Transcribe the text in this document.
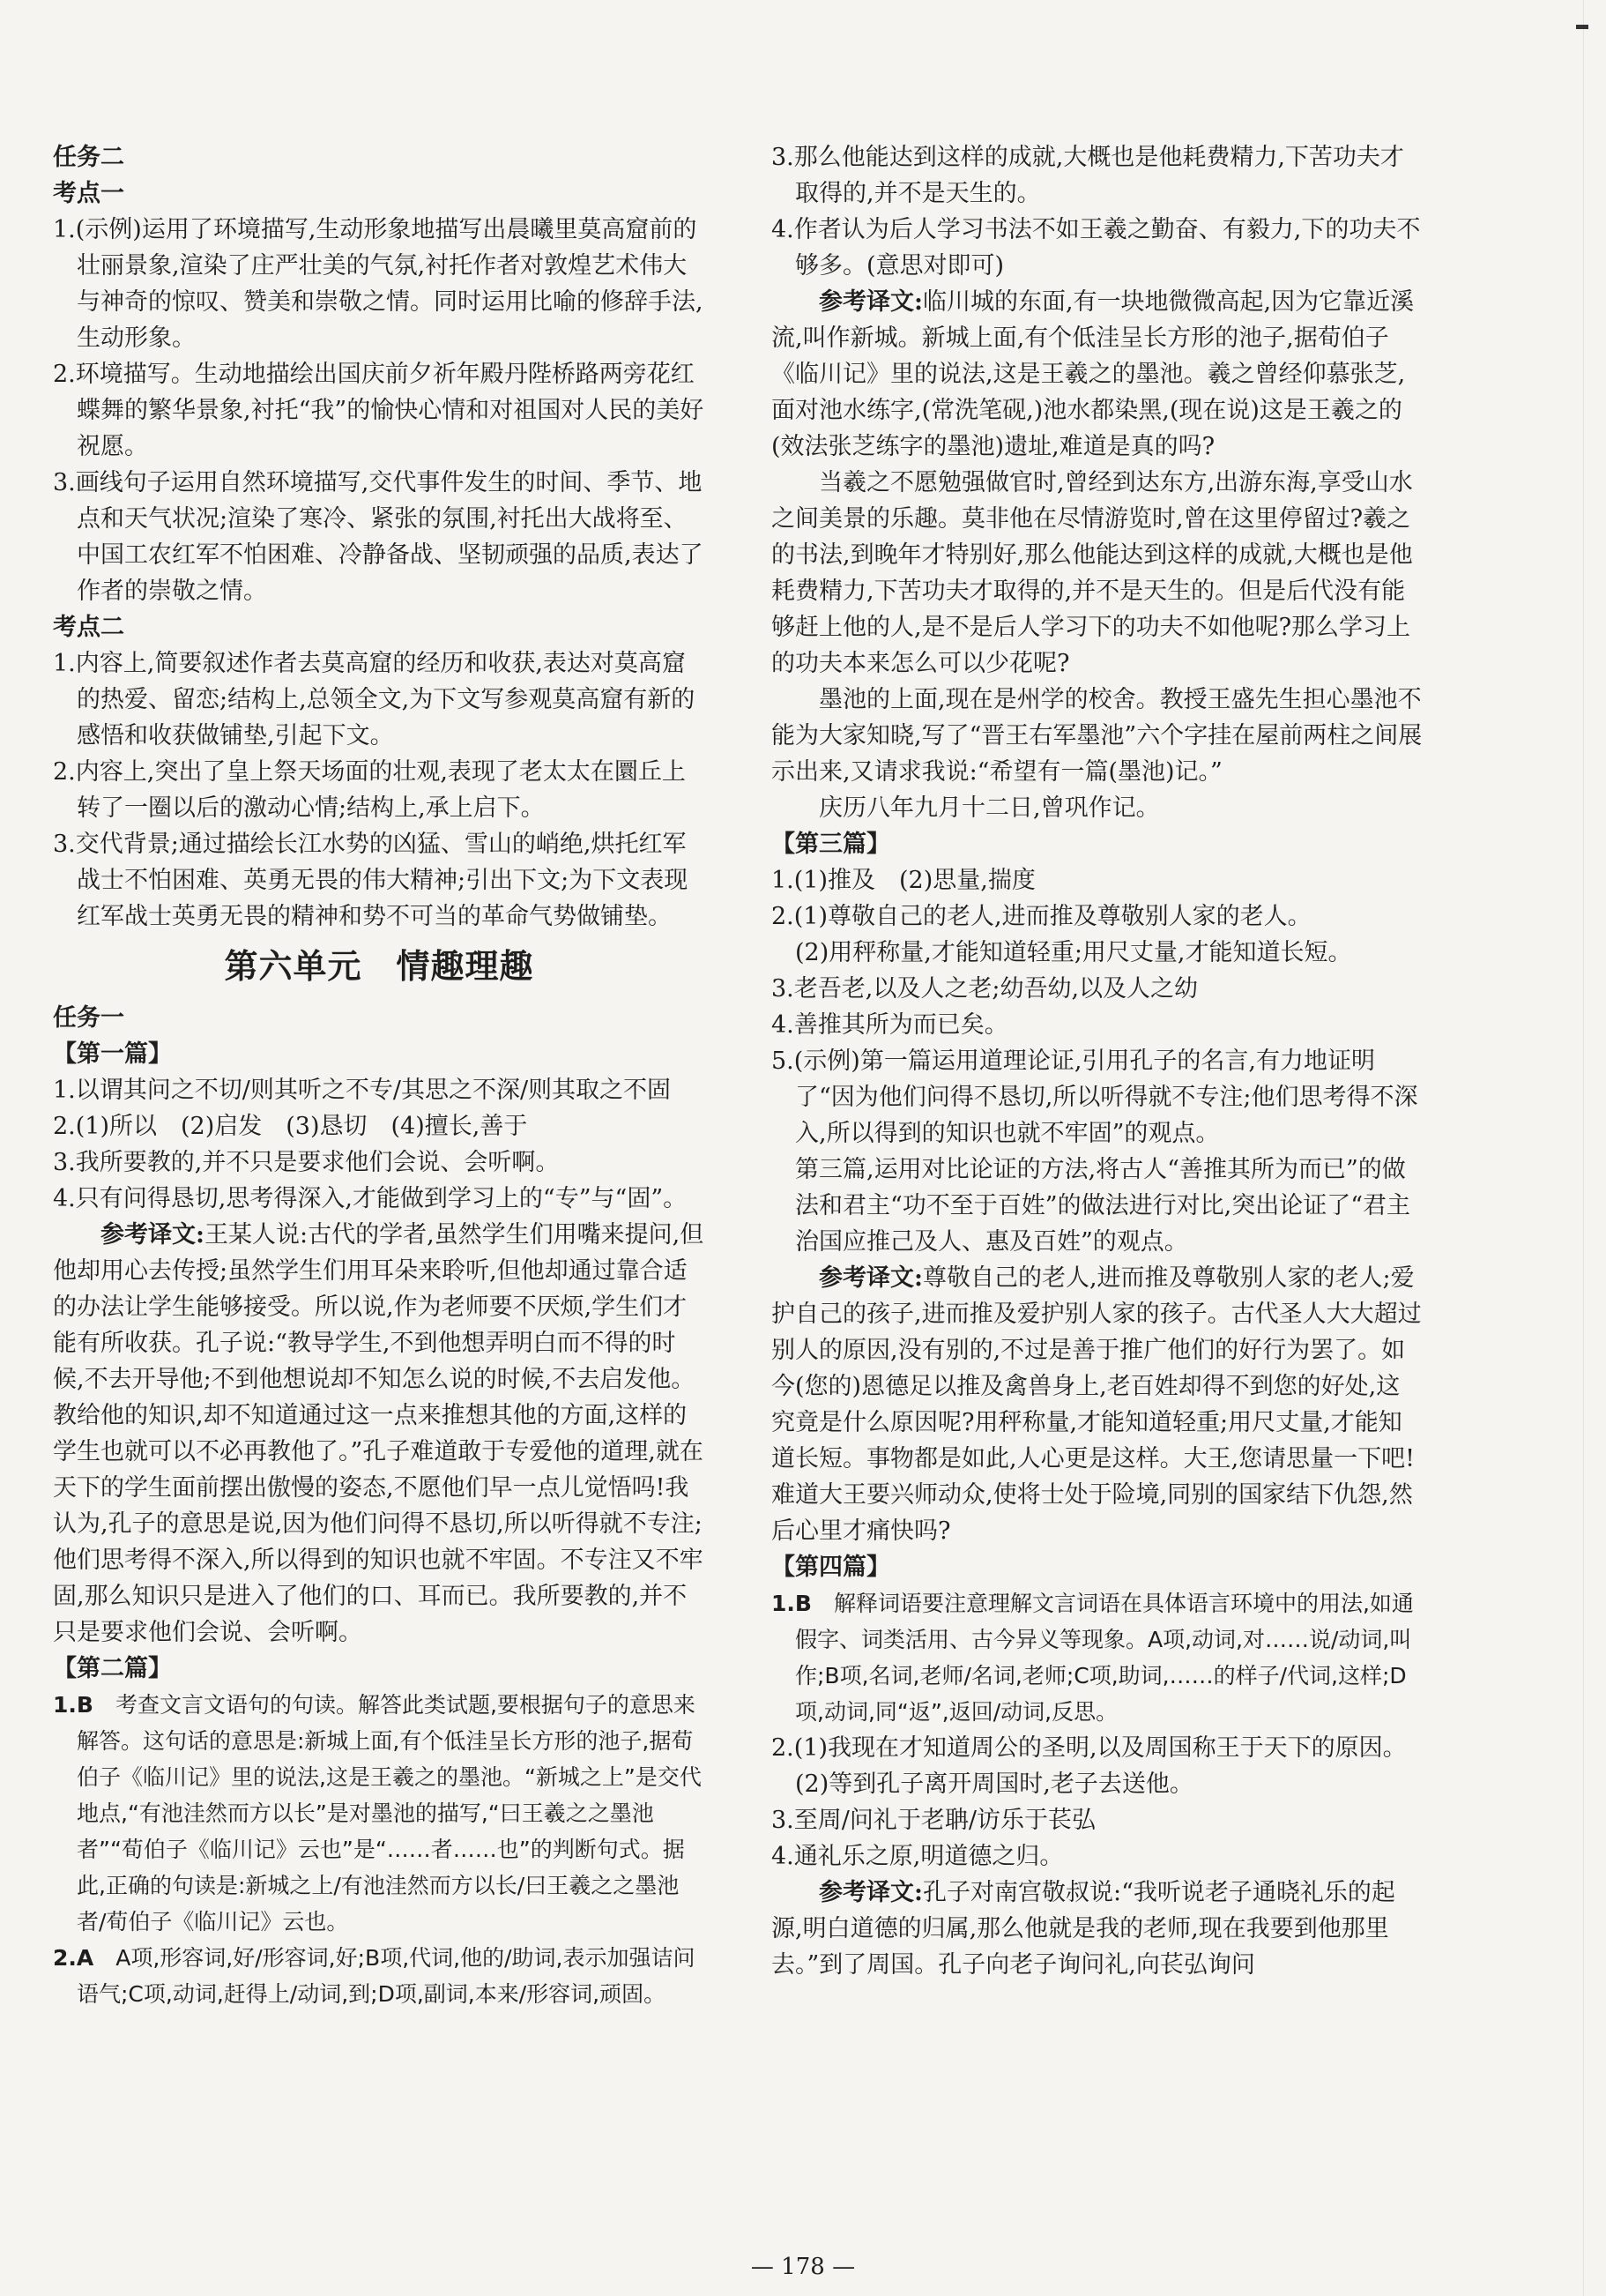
任务二
考点一
1.(示例)运用了环境描写,生动形象地描写出晨曦里莫高窟前的壮丽景象,渲染了庄严壮美的气氛,衬托作者对敦煌艺术伟大与神奇的惊叹、赞美和崇敬之情。同时运用比喻的修辞手法,生动形象。
2.环境描写。生动地描绘出国庆前夕祈年殿丹陛桥路两旁花红蝶舞的繁华景象,衬托“我”的愉快心情和对祖国对人民的美好祝愿。
3.画线句子运用自然环境描写,交代事件发生的时间、季节、地点和天气状况;渲染了寒冷、紧张的氛围,衬托出大战将至、中国工农红军不怕困难、冷静备战、坚韧顽强的品质,表达了作者的崇敬之情。
考点二
1.内容上,简要叙述作者去莫高窟的经历和收获,表达对莫高窟的热爱、留恋;结构上,总领全文,为下文写参观莫高窟有新的感悟和收获做铺垫,引起下文。
2.内容上,突出了皇上祭天场面的壮观,表现了老太太在圜丘上转了一圈以后的激动心情;结构上,承上启下。
3.交代背景;通过描绘长江水势的凶猛、雪山的峭绝,烘托红军战士不怕困难、英勇无畏的伟大精神;引出下文;为下文表现红军战士英勇无畏的精神和势不可当的革命气势做铺垫。
第六单元　情趣理趣
任务一
【第一篇】
1.以谓其问之不切/则其听之不专/其思之不深/则其取之不固
2.(1)所以　(2)启发　(3)恳切　(4)擅长,善于
3.我所要教的,并不只是要求他们会说、会听啊。
4.只有问得恳切,思考得深入,才能做到学习上的“专”与“固”。
参考译文:王某人说:古代的学者,虽然学生们用嘴来提问,但他却用心去传授;虽然学生们用耳朵来聆听,但他却通过靠合适的办法让学生能够接受。所以说,作为老师要不厌烦,学生们才能有所收获。孔子说:“教导学生,不到他想弄明白而不得的时候,不去开导他;不到他想说却不知怎么说的时候,不去启发他。教给他的知识,却不知道通过这一点来推想其他的方面,这样的学生也就可以不必再教他了。”孔子难道敢于专爱他的道理,就在天下的学生面前摆出傲慢的姿态,不愿他们早一点儿觉悟吗!我认为,孔子的意思是说,因为他们问得不恳切,所以听得就不专注;他们思考得不深入,所以得到的知识也就不牢固。不专注又不牢固,那么知识只是进入了他们的口、耳而已。我所要教的,并不只是要求他们会说、会听啊。
【第二篇】
1.B　考查文言文语句的句读。解答此类试题,要根据句子的意思来解答。这句话的意思是:新城上面,有个低洼呈长方形的池子,据荀伯子《临川记》里的说法,这是王羲之的墨池。“新城之上”是交代地点,“有池洼然而方以长”是对墨池的描写,“曰王羲之之墨池者”“荀伯子《临川记》云也”是“……者……也”的判断句式。据此,正确的句读是:新城之上/有池洼然而方以长/曰王羲之之墨池者/荀伯子《临川记》云也。
2.A　A项,形容词,好/形容词,好;B项,代词,他的/助词,表示加强诘问语气;C项,动词,赶得上/动词,到;D项,副词,本来/形容词,顽固。
3.那么他能达到这样的成就,大概也是他耗费精力,下苦功夫才取得的,并不是天生的。
4.作者认为后人学习书法不如王羲之勤奋、有毅力,下的功夫不够多。(意思对即可)
参考译文:临川城的东面,有一块地微微高起,因为它靠近溪流,叫作新城。新城上面,有个低洼呈长方形的池子,据荀伯子《临川记》里的说法,这是王羲之的墨池。羲之曾经仰慕张芝,面对池水练字,(常洗笔砚,)池水都染黑,(现在说)这是王羲之的(效法张芝练字的墨池)遗址,难道是真的吗?
当羲之不愿勉强做官时,曾经到达东方,出游东海,享受山水之间美景的乐趣。莫非他在尽情游览时,曾在这里停留过?羲之的书法,到晚年才特别好,那么他能达到这样的成就,大概也是他耗费精力,下苦功夫才取得的,并不是天生的。但是后代没有能够赶上他的人,是不是后人学习下的功夫不如他呢?那么学习上的功夫本来怎么可以少花呢?
墨池的上面,现在是州学的校舍。教授王盛先生担心墨池不能为大家知晓,写了“晋王右军墨池”六个字挂在屋前两柱之间展示出来,又请求我说:“希望有一篇(墨池)记。”
庆历八年九月十二日,曾巩作记。
【第三篇】
1.(1)推及　(2)思量,揣度
2.(1)尊敬自己的老人,进而推及尊敬别人家的老人。
(2)用秤称量,才能知道轻重;用尺丈量,才能知道长短。
3.老吾老,以及人之老;幼吾幼,以及人之幼
4.善推其所为而已矣。
5.(示例)第一篇运用道理论证,引用孔子的名言,有力地证明了“因为他们问得不恳切,所以听得就不专注;他们思考得不深入,所以得到的知识也就不牢固”的观点。
第三篇,运用对比论证的方法,将古人“善推其所为而已”的做法和君主“功不至于百姓”的做法进行对比,突出论证了“君主治国应推己及人、惠及百姓”的观点。
参考译文:尊敬自己的老人,进而推及尊敬别人家的老人;爱护自己的孩子,进而推及爱护别人家的孩子。古代圣人大大超过别人的原因,没有别的,不过是善于推广他们的好行为罢了。如今(您的)恩德足以推及禽兽身上,老百姓却得不到您的好处,这究竟是什么原因呢?用秤称量,才能知道轻重;用尺丈量,才能知道长短。事物都是如此,人心更是这样。大王,您请思量一下吧!难道大王要兴师动众,使将士处于险境,同别的国家结下仇怨,然后心里才痛快吗?
【第四篇】
1.B　解释词语要注意理解文言词语在具体语言环境中的用法,如通假字、词类活用、古今异义等现象。A项,动词,对……说/动词,叫作;B项,名词,老师/名词,老师;C项,助词,……的样子/代词,这样;D项,动词,同“返”,返回/动词,反思。
2.(1)我现在才知道周公的圣明,以及周国称王于天下的原因。
(2)等到孔子离开周国时,老子去送他。
3.至周/问礼于老聃/访乐于苌弘
4.通礼乐之原,明道德之归。
参考译文:孔子对南宫敬叔说:“我听说老子通晓礼乐的起源,明白道德的归属,那么他就是我的老师,现在我要到他那里去。”到了周国。孔子向老子询问礼,向苌弘询问
— 178 —
